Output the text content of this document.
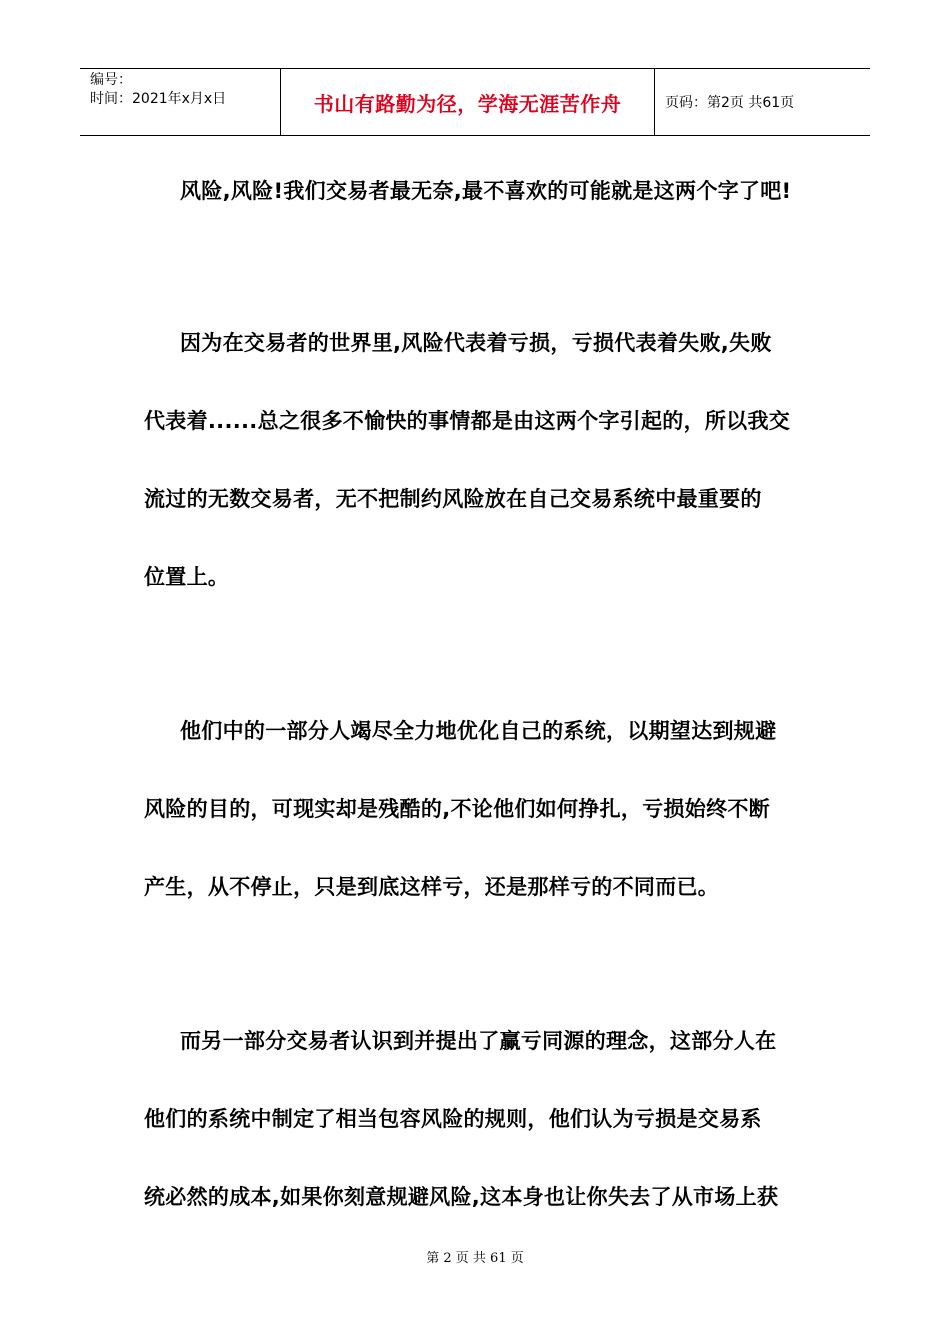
编号：
时间：2021年x月x日	书山有路勤为径，学海无涯苦作舟	页码：第2页 共61页
风险,风险!我们交易者最无奈,最不喜欢的可能就是这两个字了吧!
因为在交易者的世界里,风险代表着亏损，亏损代表着失败,失败
代表着......总之很多不愉快的事情都是由这两个字引起的，所以我交
流过的无数交易者，无不把制约风险放在自己交易系统中最重要的
位置上。
他们中的一部分人竭尽全力地优化自己的系统，以期望达到规避
风险的目的，可现实却是残酷的,不论他们如何挣扎，亏损始终不断
产生，从不停止，只是到底这样亏，还是那样亏的不同而已。
而另一部分交易者认识到并提出了赢亏同源的理念，这部分人在
他们的系统中制定了相当包容风险的规则，他们认为亏损是交易系
统必然的成本,如果你刻意规避风险,这本身也让你失去了从市场上获
第 2 页 共 61 页
